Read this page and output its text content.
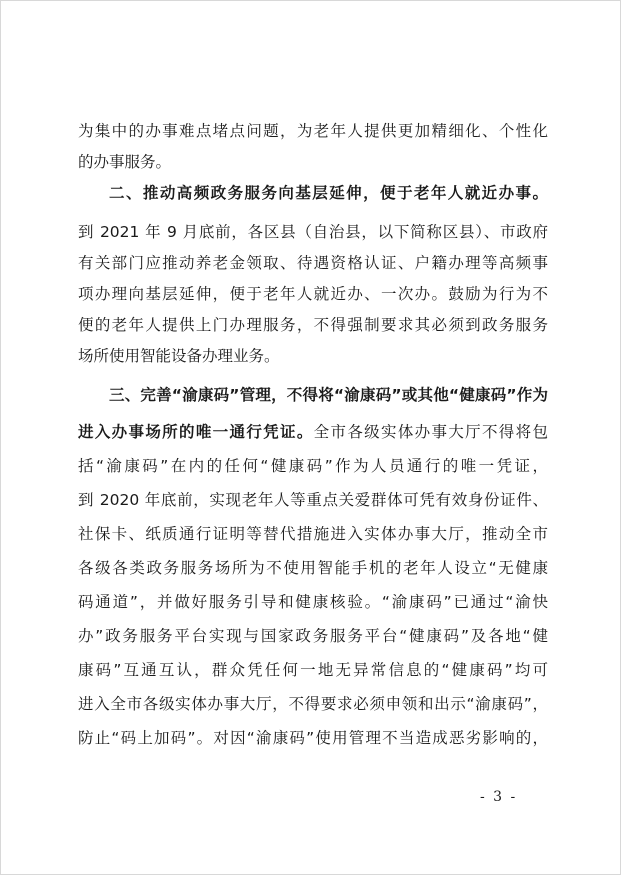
为集中的办事难点堵点问题，为老年人提供更加精细化、个性化
的办事服务。
二、推动高频政务服务向基层延伸，便于老年人就近办事。
到 2021 年 9 月底前，各区县（自治县，以下简称区县）、市政府
有关部门应推动养老金领取、待遇资格认证、户籍办理等高频事
项办理向基层延伸，便于老年人就近办、一次办。鼓励为行为不
便的老年人提供上门办理服务，不得强制要求其必须到政务服务
场所使用智能设备办理业务。
三、完善“渝康码”管理，不得将“渝康码”或其他“健康码”作为
进入办事场所的唯一通行凭证。全市各级实体办事大厅不得将包
括“渝康码”在内的任何“健康码”作为人员通行的唯一凭证，
到 2020 年底前，实现老年人等重点关爱群体可凭有效身份证件、
社保卡、纸质通行证明等替代措施进入实体办事大厅，推动全市
各级各类政务服务场所为不使用智能手机的老年人设立“无健康
码通道”，并做好服务引导和健康核验。“渝康码”已通过“渝快
办”政务服务平台实现与国家政务服务平台“健康码”及各地“健
康码”互通互认，群众凭任何一地无异常信息的“健康码”均可
进入全市各级实体办事大厅，不得要求必须申领和出示“渝康码”，
防止“码上加码”。对因“渝康码”使用管理不当造成恶劣影响的，
- 3 -
